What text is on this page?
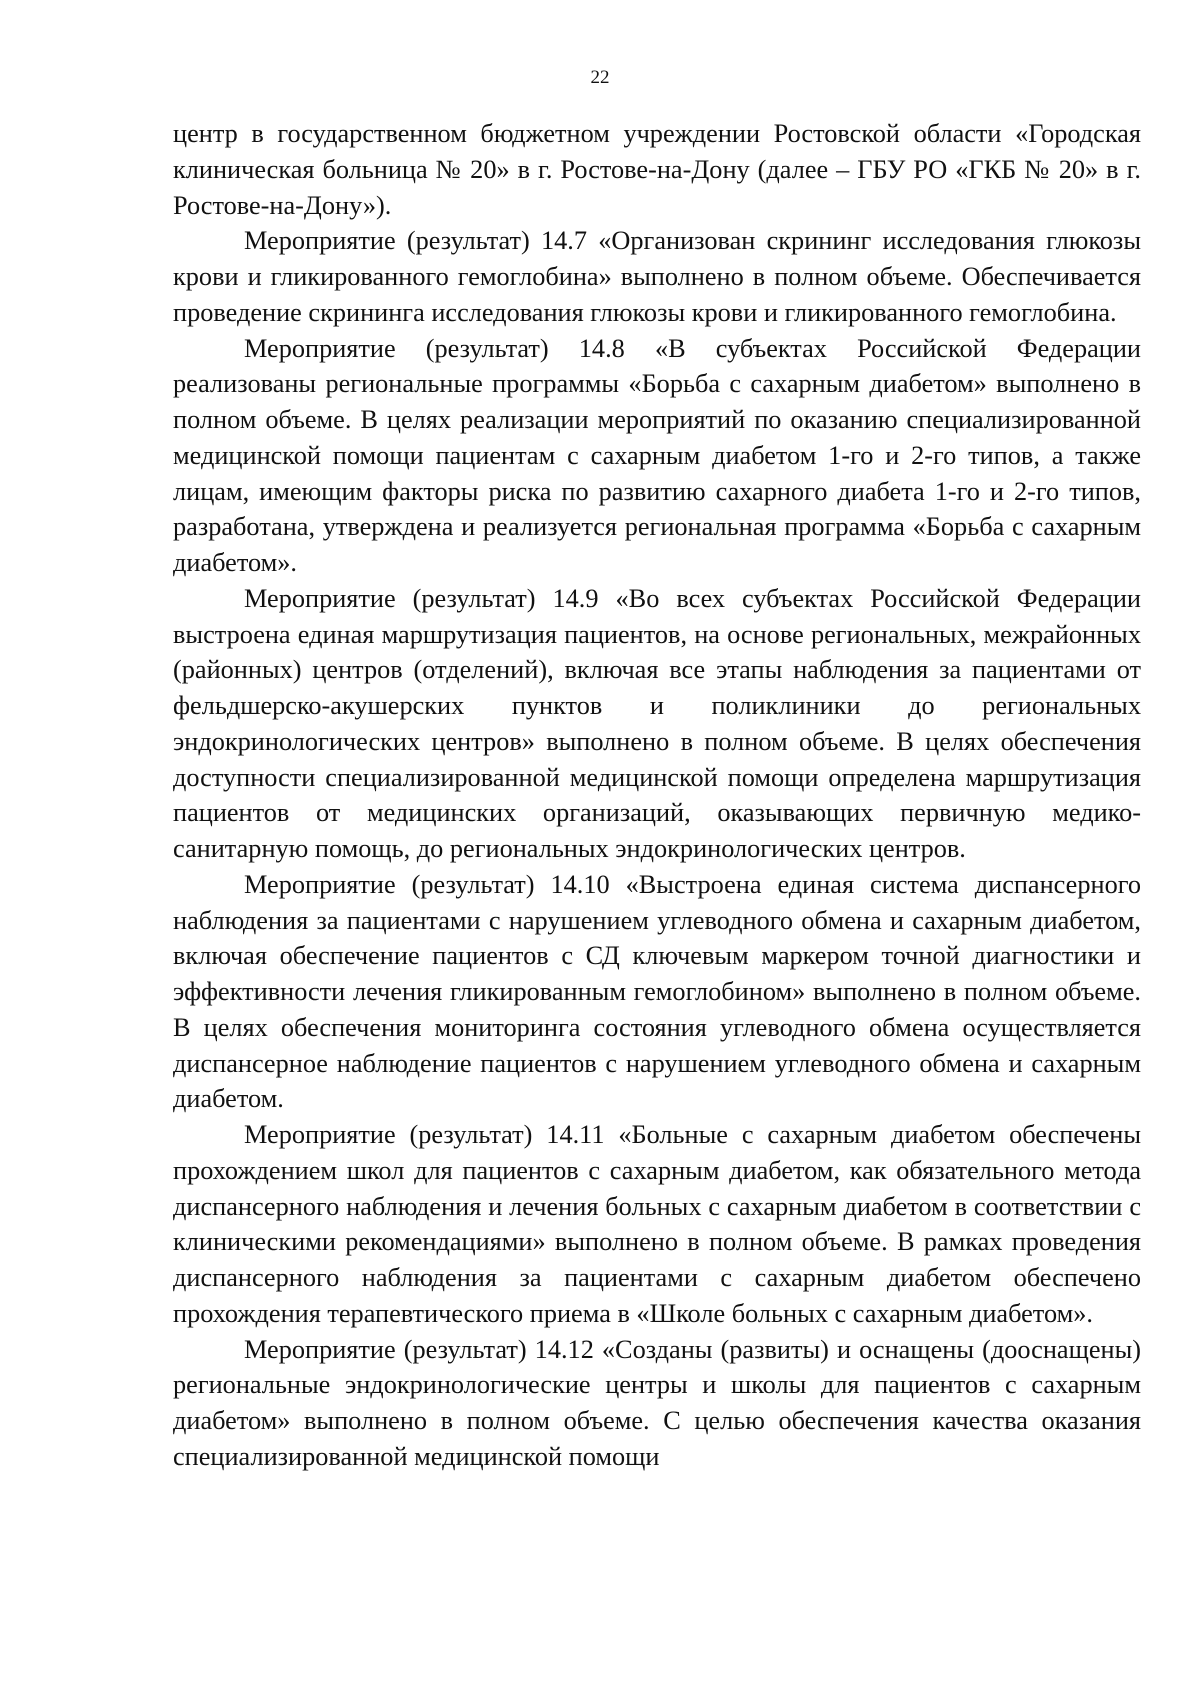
22

центр в государственном бюджетном учреждении Ростовской области «Городская клиническая больница № 20» в г. Ростове-на-Дону (далее – ГБУ РО «ГКБ № 20» в г. Ростове-на-Дону»).

Мероприятие (результат) 14.7 «Организован скрининг исследования глюкозы крови и гликированного гемоглобина» выполнено в полном объеме. Обеспечивается проведение скрининга исследования глюкозы крови и гликированного гемоглобина.

Мероприятие (результат) 14.8 «В субъектах Российской Федерации реализованы региональные программы «Борьба с сахарным диабетом» выполнено в полном объеме. В целях реализации мероприятий по оказанию специализированной медицинской помощи пациентам с сахарным диабетом 1-го и 2-го типов, а также лицам, имеющим факторы риска по развитию сахарного диабета 1-го и 2-го типов, разработана, утверждена и реализуется региональная программа «Борьба с сахарным диабетом».

Мероприятие (результат) 14.9 «Во всех субъектах Российской Федерации выстроена единая маршрутизация пациентов, на основе региональных, межрайонных (районных) центров (отделений), включая все этапы наблюдения за пациентами от фельдшерско-акушерских пунктов и поликлиники до региональных эндокринологических центров» выполнено в полном объеме. В целях обеспечения доступности специализированной медицинской помощи определена маршрутизация пациентов от медицинских организаций, оказывающих первичную медико-санитарную помощь, до региональных эндокринологических центров.

Мероприятие (результат) 14.10 «Выстроена единая система диспансерного наблюдения за пациентами с нарушением углеводного обмена и сахарным диабетом, включая обеспечение пациентов с СД ключевым маркером точной диагностики и эффективности лечения гликированным гемоглобином» выполнено в полном объеме. В целях обеспечения мониторинга состояния углеводного обмена осуществляется диспансерное наблюдение пациентов с нарушением углеводного обмена и сахарным диабетом.

Мероприятие (результат) 14.11 «Больные с сахарным диабетом обеспечены прохождением школ для пациентов с сахарным диабетом, как обязательного метода диспансерного наблюдения и лечения больных с сахарным диабетом в соответствии с клиническими рекомендациями» выполнено в полном объеме. В рамках проведения диспансерного наблюдения за пациентами с сахарным диабетом обеспечено прохождения терапевтического приема в «Школе больных с сахарным диабетом».

Мероприятие (результат) 14.12 «Созданы (развиты) и оснащены (дооснащены) региональные эндокринологические центры и школы для пациентов с сахарным диабетом» выполнено в полном объеме. С целью обеспечения качества оказания специализированной медицинской помощи
